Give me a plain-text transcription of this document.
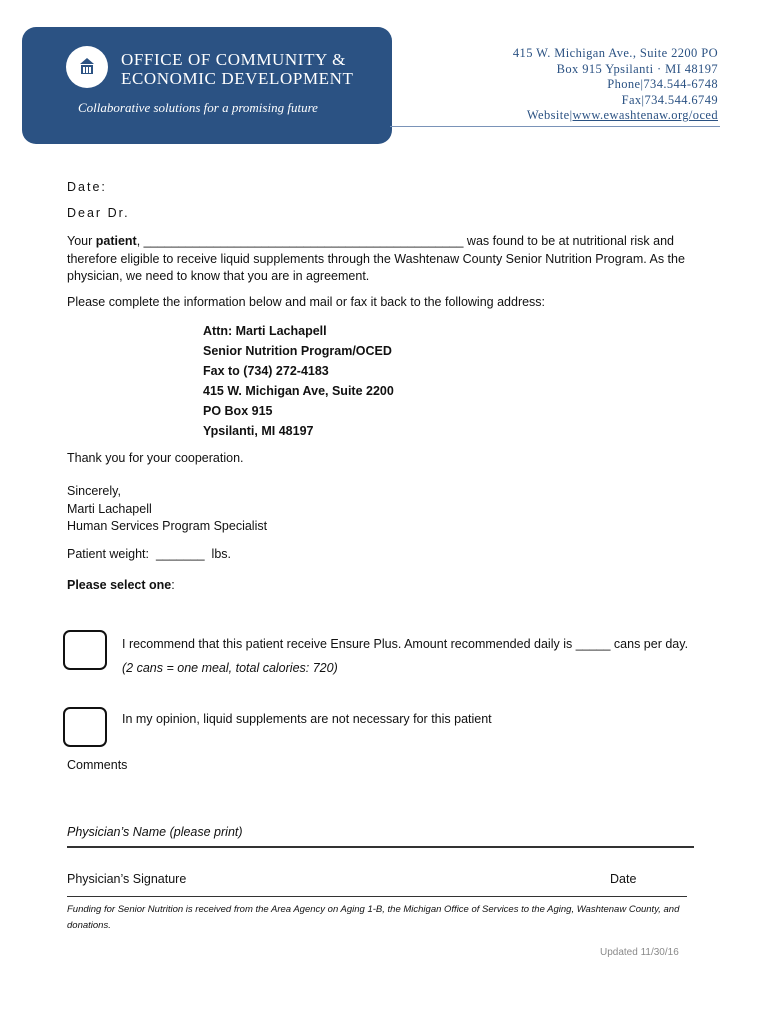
OFFICE OF COMMUNITY &
ECONOMIC DEVELOPMENT
Collaborative solutions for a promising future
415 W. Michigan Ave., Suite 2200 PO
Box 915 Ypsilanti · MI 48197
Phone|734.544-6748
Fax|734.544.6749
Website|www.ewashtenaw.org/oced
Date:
Dear Dr.
Your patient, ______________________________________________ was found to be at nutritional risk and therefore eligible to receive liquid supplements through the Washtenaw County Senior Nutrition Program. As the physician, we need to know that you are in agreement.
Please complete the information below and mail or fax it back to the following address:
Attn: Marti Lachapell
Senior Nutrition Program/OCED
Fax to (734) 272-4183
415 W. Michigan Ave, Suite 2200
PO Box 915
Ypsilanti, MI 48197
Thank you for your cooperation.
Sincerely,
Marti Lachapell
Human Services Program Specialist
Patient weight:  _______  lbs.
Please select one:
I recommend that this patient receive Ensure Plus. Amount recommended daily is _____ cans per day.
(2 cans = one meal, total calories: 720)
In my opinion, liquid supplements are not necessary for this patient
Comments
Physician’s Name (please print)
Physician’s Signature	Date
Funding for Senior Nutrition is received from the Area Agency on Aging 1-B, the Michigan Office of Services to the Aging, Washtenaw County, and donations.
Updated 11/30/16
